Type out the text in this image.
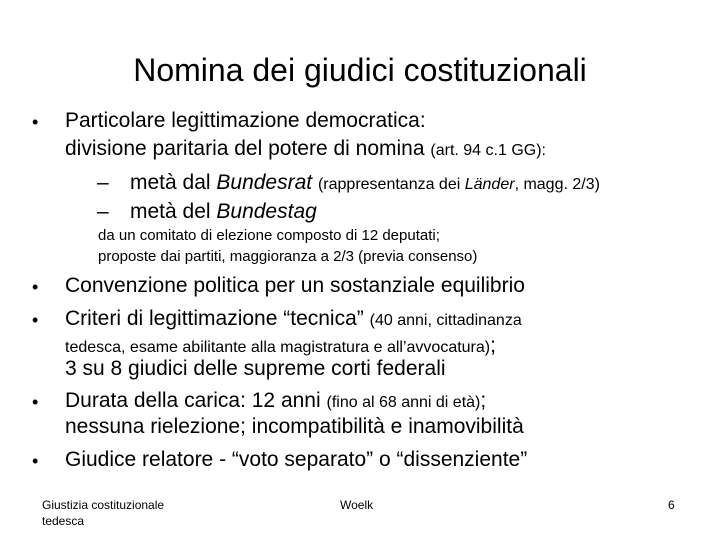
Nomina dei giudici costituzionali
• Particolare legittimazione democratica:
divisione paritaria del potere di nomina (art. 94 c.1 GG):
– metà dal Bundesrat (rappresentanza dei Länder, magg. 2/3)
– metà del Bundestag
da un comitato di elezione composto di 12 deputati;
proposte dai partiti, maggioranza a 2/3 (previa consenso)
• Convenzione politica per un sostanziale equilibrio
• Criteri di legittimazione “tecnica” (40 anni, cittadinanza
tedesca, esame abilitante alla magistratura e all’avvocatura);
3 su 8 giudici delle supreme corti federali
• Durata della carica: 12 anni (fino al 68 anni di età);
nessuna rielezione; incompatibilità e inamovibilità
• Giudice relatore - “voto separato” o “dissenziente”
Giustizia costituzionale
tedesca
Woelk	6
